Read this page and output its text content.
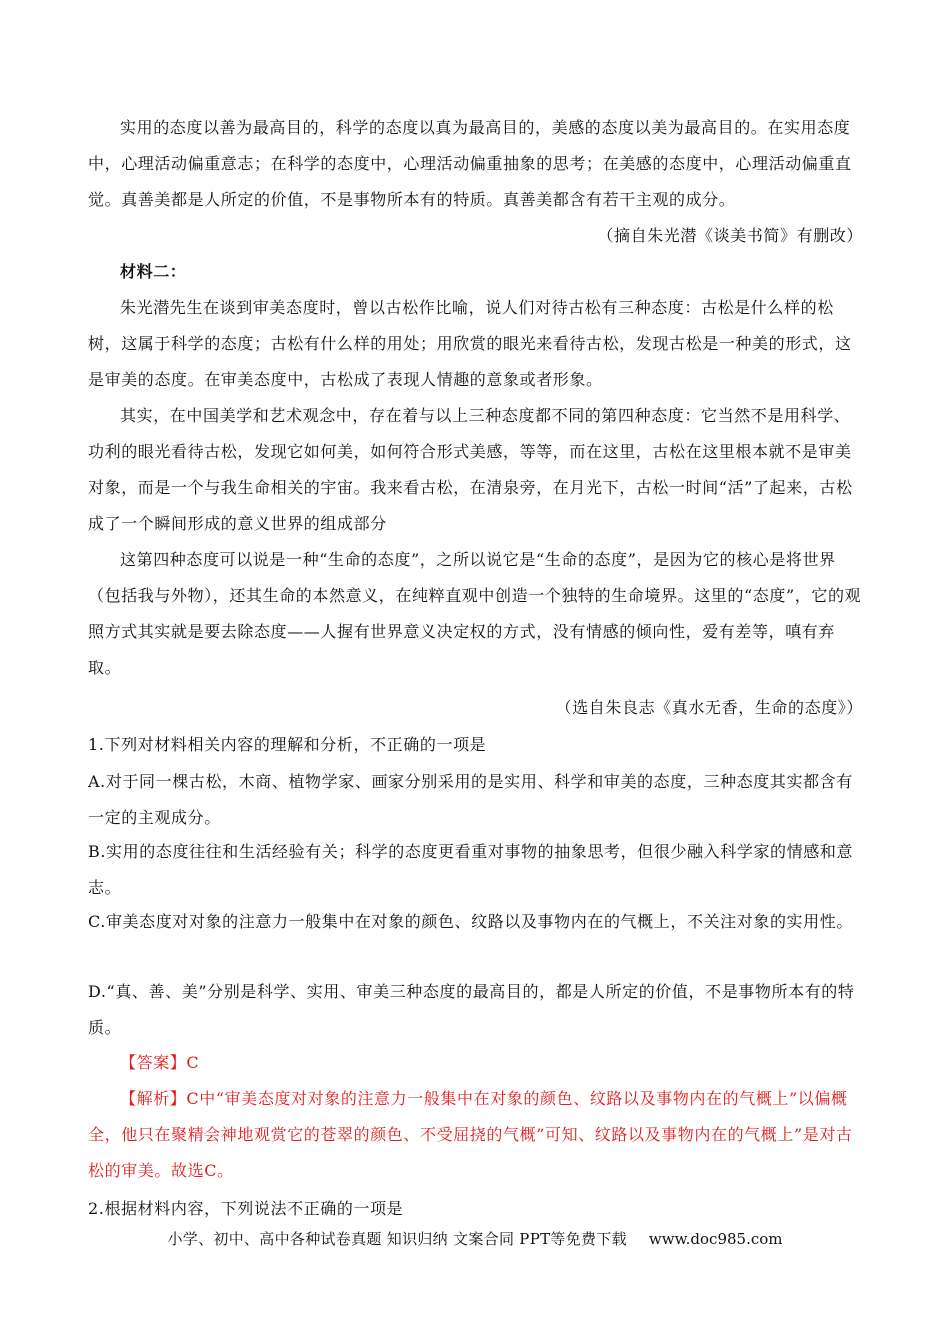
实用的态度以善为最高目的，科学的态度以真为最高目的，美感的态度以美为最高目的。在实用态度中，心理活动偏重意志；在科学的态度中，心理活动偏重抽象的思考；在美感的态度中，心理活动偏重直觉。真善美都是人所定的价值，不是事物所本有的特质。真善美都含有若干主观的成分。

（摘自朱光潜《谈美书简》有删改）

材料二：

朱光潜先生在谈到审美态度时，曾以古松作比喻，说人们对待古松有三种态度：古松是什么样的松树，这属于科学的态度；古松有什么样的用处；用欣赏的眼光来看待古松，发现古松是一种美的形式，这是审美的态度。在审美态度中，古松成了表现人情趣的意象或者形象。

其实，在中国美学和艺术观念中，存在着与以上三种态度都不同的第四种态度：它当然不是用科学、功利的眼光看待古松，发现它如何美，如何符合形式美感，等等，而在这里，古松在这里根本就不是审美对象，而是一个与我生命相关的宇宙。我来看古松，在清泉旁，在月光下，古松一时间“活”了起来，古松成了一个瞬间形成的意义世界的组成部分

这第四种态度可以说是一种“生命的态度”，之所以说它是“生命的态度”，是因为它的核心是将世界（包括我与外物），还其生命的本然意义，在纯粹直观中创造一个独特的生命境界。这里的“态度”，它的观照方式其实就是要去除态度——人握有世界意义决定权的方式，没有情感的倾向性，爱有差等，嗔有弃取。

（选自朱良志《真水无香，生命的态度》）

1.下列对材料相关内容的理解和分析，不正确的一项是

A.对于同一棵古松，木商、植物学家、画家分别采用的是实用、科学和审美的态度，三种态度其实都含有一定的主观成分。

B.实用的态度往往和生活经验有关；科学的态度更看重对事物的抽象思考，但很少融入科学家的情感和意志。

C.审美态度对对象的注意力一般集中在对象的颜色、纹路以及事物内在的气概上，不关注对象的实用性。

D.“真、善、美”分别是科学、实用、审美三种态度的最高目的，都是人所定的价值，不是事物所本有的特质。

【答案】C

【解析】C中“审美态度对对象的注意力一般集中在对象的颜色、纹路以及事物内在的气概上”以偏概全，他只在聚精会神地观赏它的苍翠的颜色、不受屈挠的气概”可知、纹路以及事物内在的气概上”是对古松的审美。故选C。

2.根据材料内容，下列说法不正确的一项是

小学、初中、高中各种试卷真题 知识归纳 文案合同 PPT等免费下载 www.doc985.com
